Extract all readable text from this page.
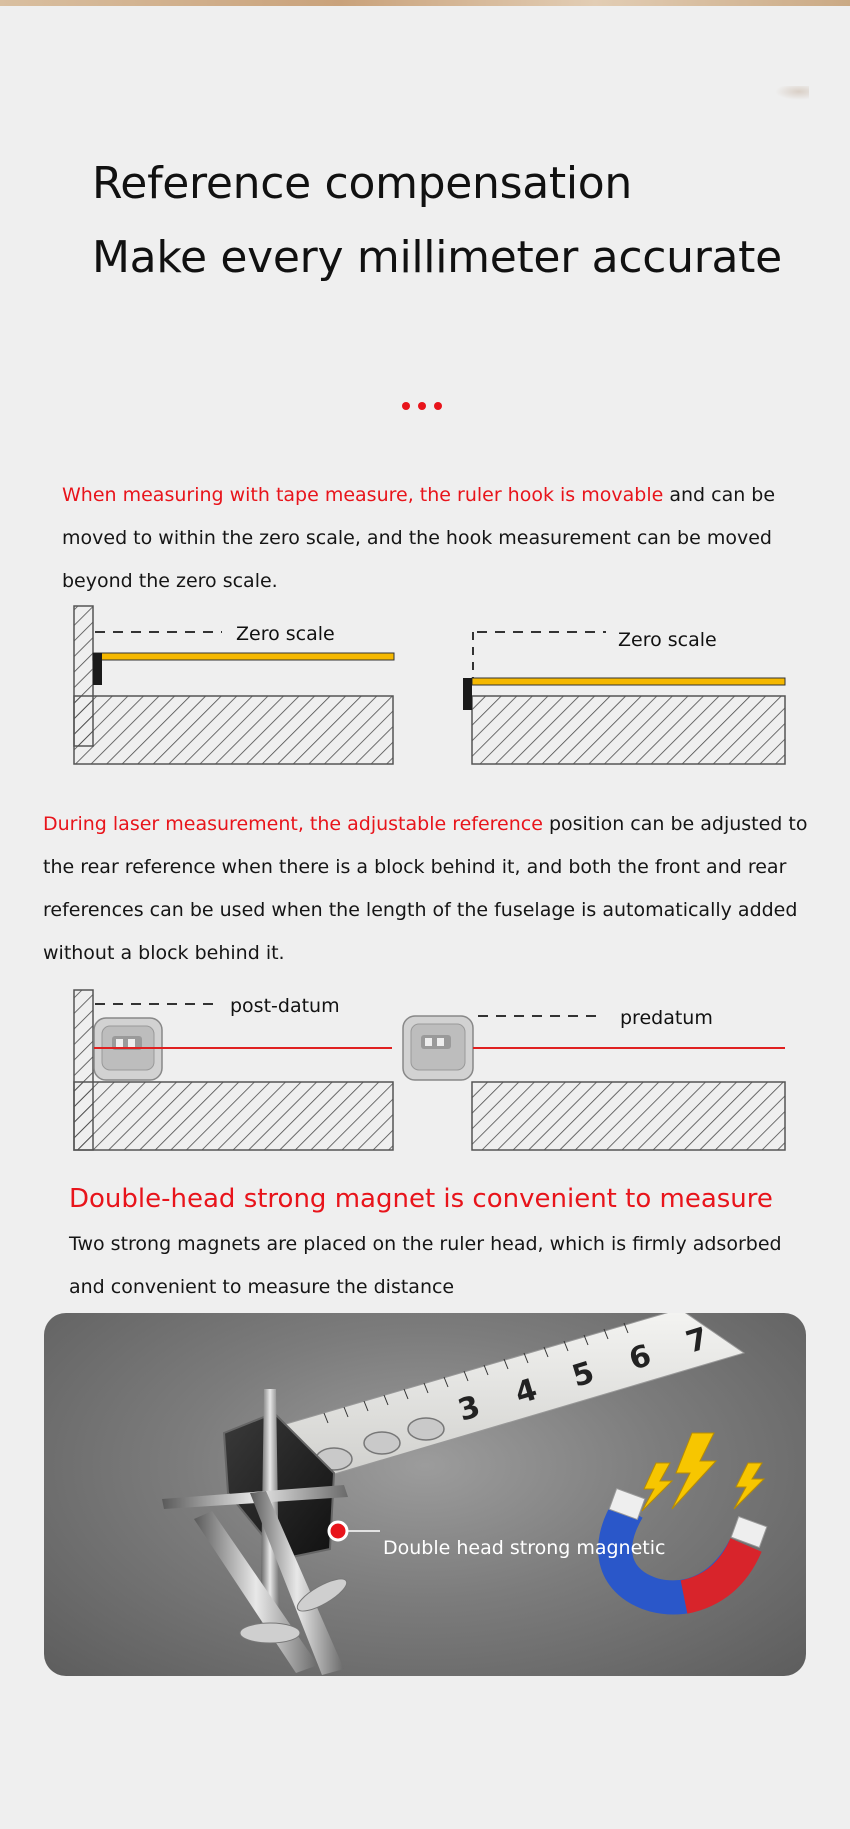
Reference compensation
Make every millimeter accurate

When measuring with tape measure, the ruler hook is movable and can be moved to within the zero scale, and the hook measurement can be moved beyond the zero scale.

Zero scale	Zero scale

During laser measurement, the adjustable reference position can be adjusted to the rear reference when there is a block behind it, and both the front and rear references can be used when the length of the fuselage is automatically added without a block behind it.

post-datum
predatum
Double-head strong magnet is convenient to measure

Two strong magnets are placed on the ruler head, which is firmly adsorbed and convenient to measure the distance

3 4 5 6 7

Double head strong magnetic
